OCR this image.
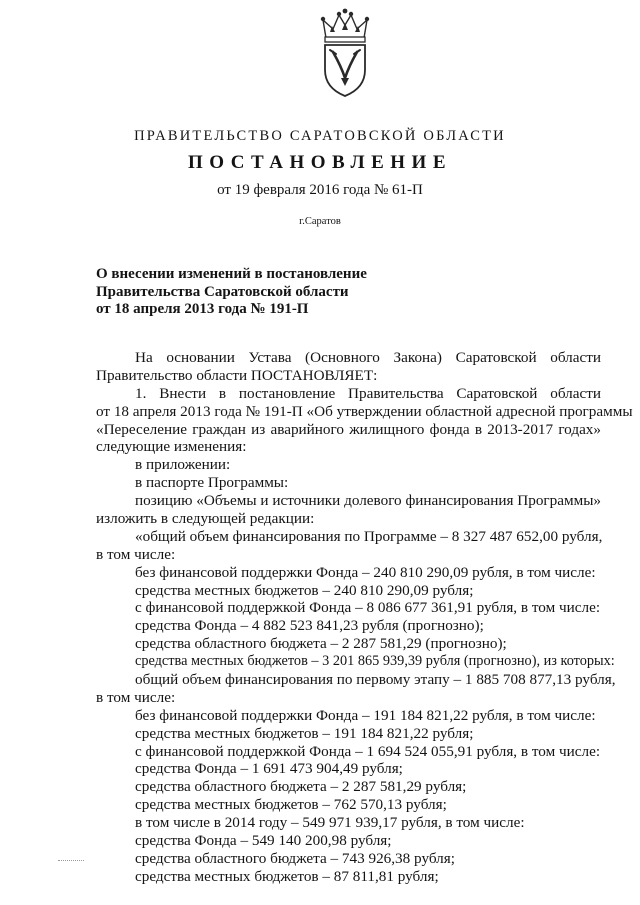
ПРАВИТЕЛЬСТВО САРАТОВСКОЙ ОБЛАСТИ
ПОСТАНОВЛЕНИЕ
от 19 февраля 2016 года № 61-П
г.Саратов
О внесении изменений в постановление
Правительства Саратовской области
от 18 апреля 2013 года № 191-П
На основании Устава (Основного Закона) Саратовской области
Правительство области ПОСТАНОВЛЯЕТ:
1. Внести в постановление Правительства Саратовской области
от 18 апреля 2013 года № 191-П «Об утверждении областной адресной программы
«Переселение граждан из аварийного жилищного фонда в 2013-2017 годах»
следующие изменения:
в приложении:
в паспорте Программы:
позицию «Объемы и источники долевого финансирования Программы»
изложить в следующей редакции:
«общий объем финансирования по Программе – 8 327 487 652,00 рубля,
в том числе:
без финансовой поддержки Фонда – 240 810 290,09 рубля, в том числе:
средства местных бюджетов – 240 810 290,09 рубля;
с финансовой поддержкой Фонда – 8 086 677 361,91 рубля, в том числе:
средства Фонда – 4 882 523 841,23 рубля (прогнозно);
средства областного бюджета – 2 287 581,29 (прогнозно);
средства местных бюджетов – 3 201 865 939,39 рубля (прогнозно), из которых:
общий объем финансирования по первому этапу – 1 885 708 877,13 рубля,
в том числе:
без финансовой поддержки Фонда – 191 184 821,22 рубля, в том числе:
средства местных бюджетов – 191 184 821,22 рубля;
с финансовой поддержкой Фонда – 1 694 524 055,91 рубля, в том числе:
средства Фонда – 1 691 473 904,49 рубля;
средства областного бюджета – 2 287 581,29 рубля;
средства местных бюджетов – 762 570,13 рубля;
в том числе в 2014 году – 549 971 939,17 рубля, в том числе:
средства Фонда – 549 140 200,98 рубля;
средства областного бюджета – 743 926,38 рубля;
средства местных бюджетов – 87 811,81 рубля;
